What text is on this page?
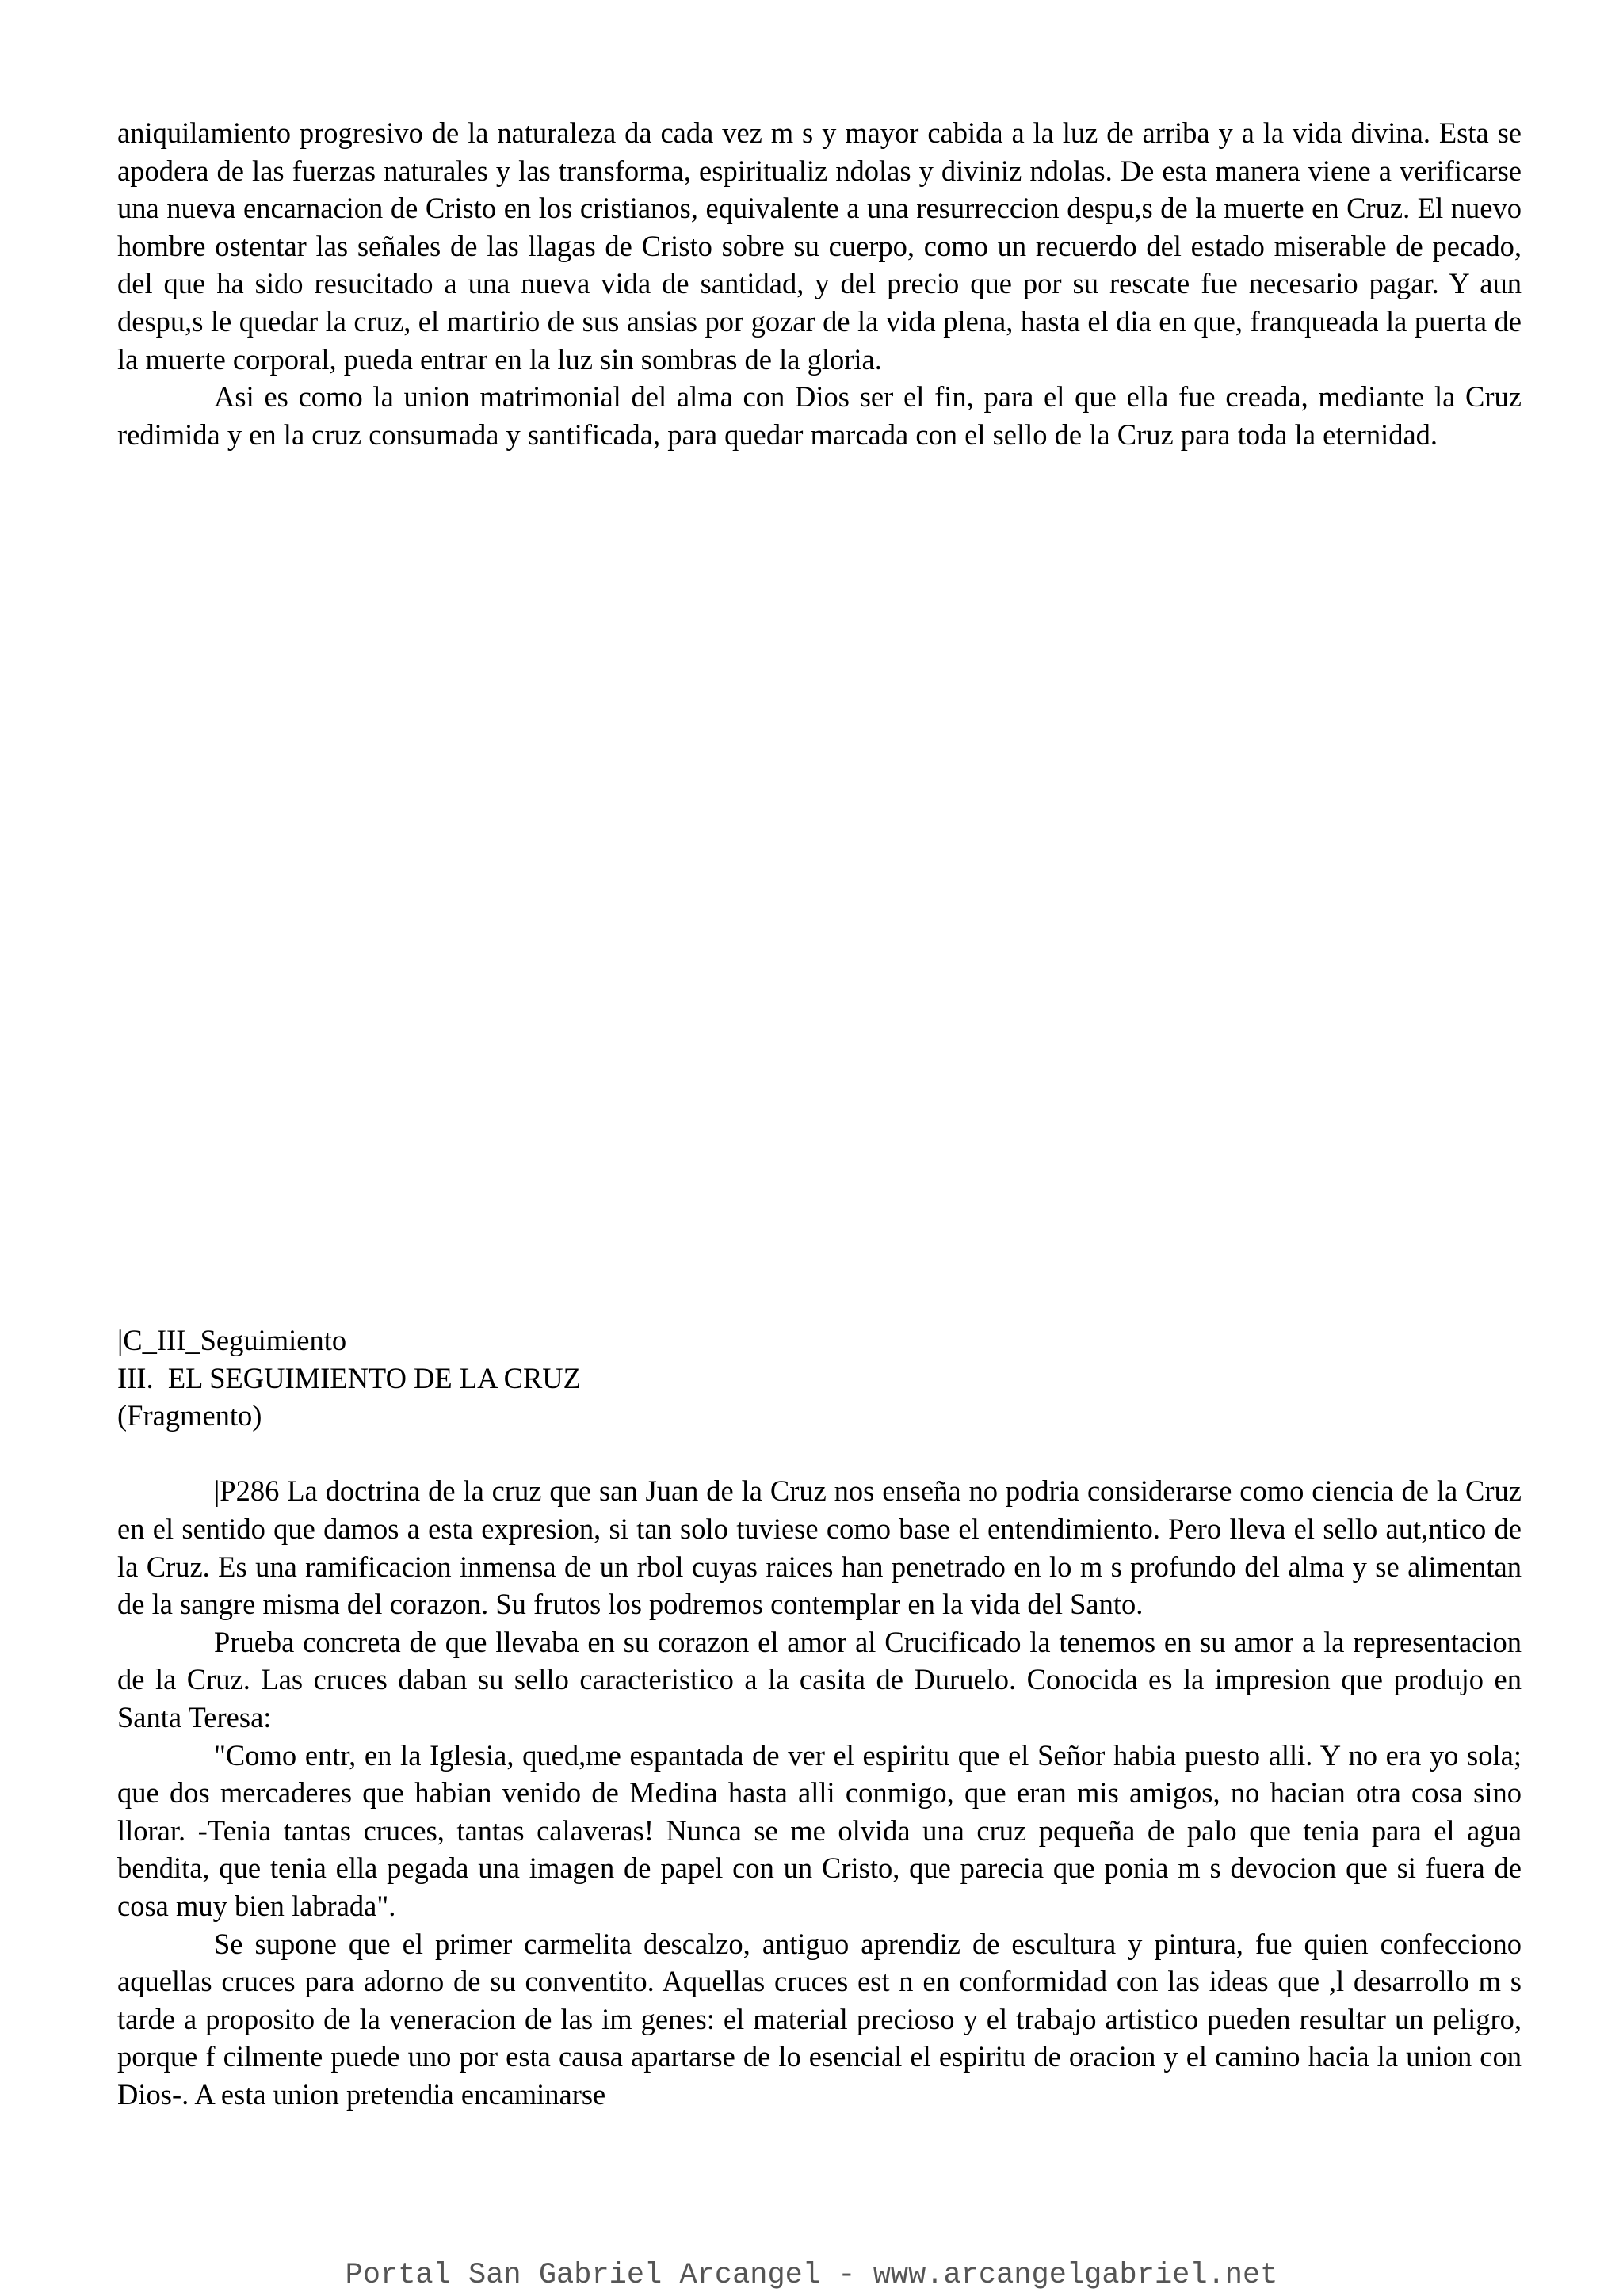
aniquilamiento progresivo de la naturaleza da cada vez m s y mayor cabida a la luz de arriba y a la vida divina. Esta se apodera de las fuerzas naturales y las transforma, espiritualiz ndolas y diviniz ndolas. De esta manera viene a verificarse una nueva encarnacion de Cristo en los cristianos, equivalente a una resurreccion despu,s de la muerte en Cruz. El nuevo hombre ostentar las señales de las llagas de Cristo sobre su cuerpo, como un recuerdo del estado miserable de pecado, del que ha sido resucitado a una nueva vida de santidad, y del precio que por su rescate fue necesario pagar. Y aun despu,s le quedar la cruz, el martirio de sus ansias por gozar de la vida plena, hasta el dia en que, franqueada la puerta de la muerte corporal, pueda entrar en la luz sin sombras de la gloria.

Asi es como la union matrimonial del alma con Dios ser el fin, para el que ella fue creada, mediante la Cruz redimida y en la cruz consumada y santificada, para quedar marcada con el sello de la Cruz para toda la eternidad.

|C_III_Seguimiento

III.  EL SEGUIMIENTO DE LA CRUZ

(Fragmento)

|P286 La doctrina de la cruz que san Juan de la Cruz nos enseña no podria considerarse como ciencia de la Cruz en el sentido que damos a esta expresion, si tan solo tuviese como base el entendimiento. Pero lleva el sello aut,ntico de la Cruz. Es una ramificacion inmensa de un rbol cuyas raices han penetrado en lo m s profundo del alma y se alimentan de la sangre misma del corazon. Su frutos los podremos contemplar en la vida del Santo.

Prueba concreta de que llevaba en su corazon el amor al Crucificado la tenemos en su amor a la representacion de la Cruz. Las cruces daban su sello caracteristico a la casita de Duruelo. Conocida es la impresion que produjo en Santa Teresa:

"Como entr, en la Iglesia, qued,me espantada de ver el espiritu que el Señor habia puesto alli. Y no era yo sola; que dos mercaderes que habian venido de Medina hasta alli conmigo, que eran mis amigos, no hacian otra cosa sino llorar. -Tenia tantas cruces, tantas calaveras! Nunca se me olvida una cruz pequeña de palo que tenia para el agua bendita, que tenia ella pegada una imagen de papel con un Cristo, que parecia que ponia m s devocion que si fuera de cosa muy bien labrada".

Se supone que el primer carmelita descalzo, antiguo aprendiz de escultura y pintura, fue quien confecciono aquellas cruces para adorno de su conventito. Aquellas cruces est n en conformidad con las ideas que ,l desarrollo m s tarde a proposito de la veneracion de las im genes: el material precioso y el trabajo artistico pueden resultar un peligro, porque f cilmente puede uno por esta causa apartarse de lo esencial el espiritu de oracion y el camino hacia la union con Dios-. A esta union pretendia encaminarse

Portal San Gabriel Arcangel - www.arcangelgabriel.net
